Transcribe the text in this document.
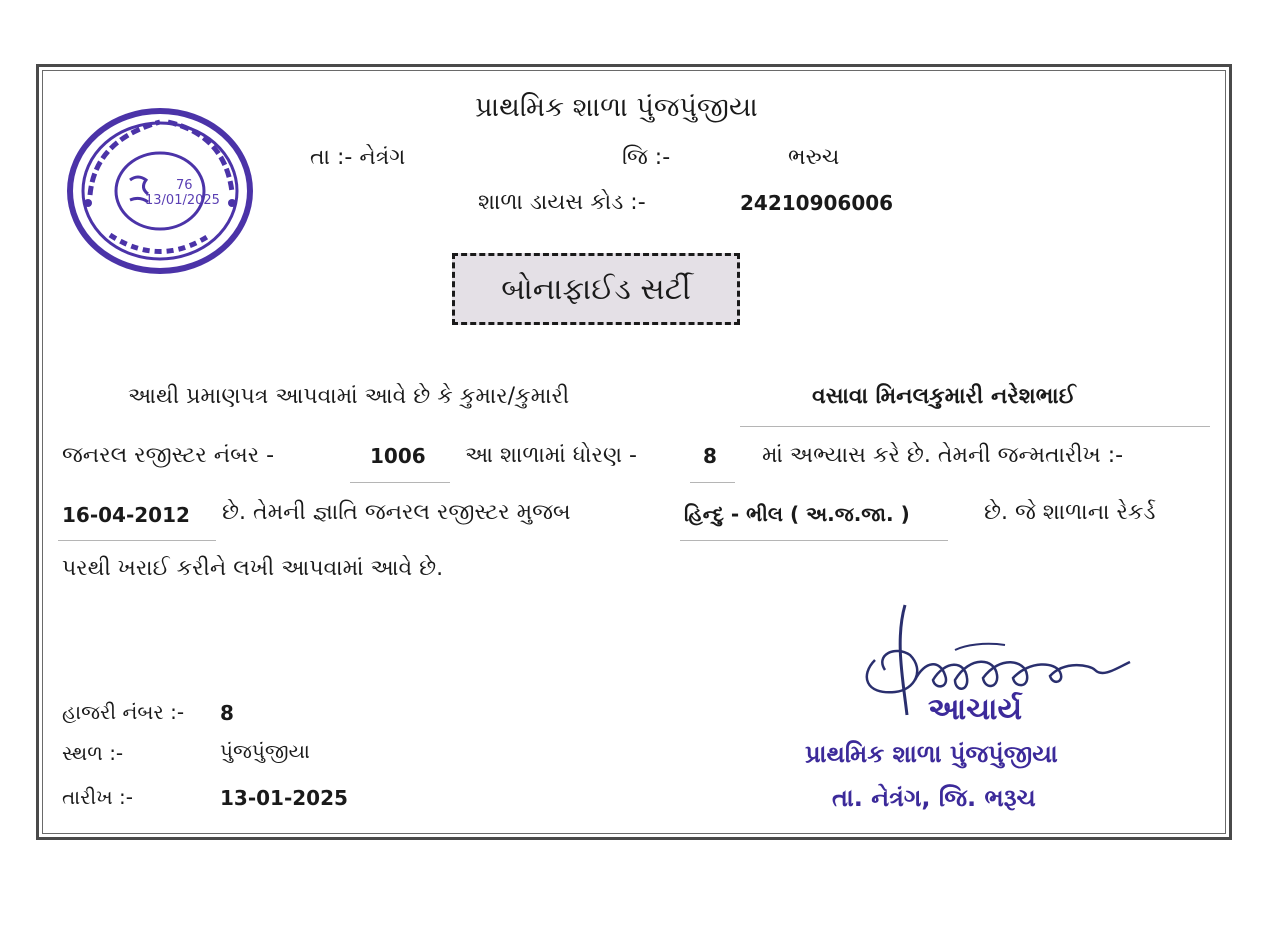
76
13/01/2025
પ્રાથમિક શાળા પુંજપુંજીયા
તા :- નેત્રંગ	જિ :-	ભરુચ
શાળા ડાયસ કોડ :-	24210906006
બોનાફાઈડ સર્ટી
આથી પ્રમાણપત્ર આપવામાં આવે છે કે કુમાર/કુમારી	વસાવા મિનલકુમારી નરેશભાઈ
જનરલ રજીસ્ટર નંબર -	1006 આ શાળામાં ધોરણ -	8 માં અભ્યાસ કરે છે. તેમની જન્મતારીખ :-
16-04-2012 છે. તેમની જ્ઞાતિ જનરલ રજીસ્ટર મુજબ	હિન્દુ - ભીલ ( અ.જ.જા. )	છે. જે શાળાના રેકર્ડ
પરથી ખરાઈ કરીને લખી આપવામાં આવે છે.
હાજરી નંબર :- 8
સ્થળ :-	પુંજપુંજીયા
તારીખ :-	13-01-2025
આચાર્ય
પ્રાથમિક શાળા પુંજપુંજીયા
તા. નેત્રંગ, જિ. ભરૂચ
